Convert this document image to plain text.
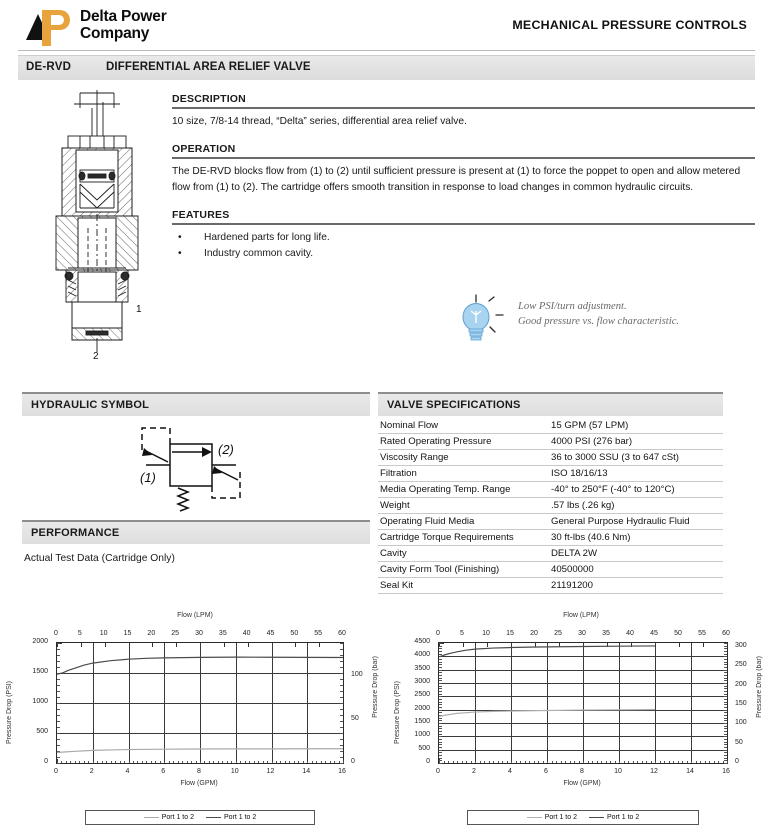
Delta Power
Company	MECHANICAL PRESSURE CONTROLS
DE-RVD	DIFFERENTIAL AREA RELIEF VALVE
1
2
DESCRIPTION
10 size, 7/8-14 thread, “Delta” series, differential area relief valve.
OPERATION
The DE-RVD blocks flow from (1) to (2) until sufficient pressure is present at (1) to force the poppet to open and allow metered flow from (1) to (2). The cartridge offers smooth transition in response to load changes in common hydraulic circuits.
FEATURES
•	Hardened parts for long life.
•	Industry common cavity.
Low PSI/turn adjustment.
Good pressure vs. flow characteristic.
HYDRAULIC SYMBOL
(1)
(2)
PERFORMANCE
Actual Test Data (Cartridge Only)
VALVE SPECIFICATIONS
Nominal Flow	15 GPM (57 LPM)
Rated Operating Pressure	4000 PSI (276 bar)
Viscosity Range	36 to 3000 SSU (3 to 647 cSt)
Filtration	ISO 18/16/13
Media Operating Temp. Range	-40° to 250°F (-40° to 120°C)
Weight	.57 lbs (.26 kg)
Operating Fluid Media	General Purpose Hydraulic Fluid
Cartridge Torque Requirements	30 ft-lbs (40.6 Nm)
Cavity	DELTA 2W
Cavity Form Tool (Finishing)	40500000
Seal Kit	21191200
Flow (LPM)
0	5	10	15	20	25	30	35	40	45	50	55	60
0	2	4	6	8	10	12	14	16
0
500
1000
1500
2000
0
50
100
Pressure Drop (PSI)	Pressure Drop (bar)
Flow (GPM)
Port 1 to 2	Port 1 to 2
Flow (LPM)
0	5	10	15	20	25	30	35	40	45	50	55	60
0	2	4	6	8	10	12	14	16
0
500
1000
1500
2000
2500
3000
3500
4000
4500
0
50
100
150
200
250
300
Pressure Drop (PSI)	Pressure Drop (bar)
Flow (GPM)
Port 1 to 2	Port 1 to 2
